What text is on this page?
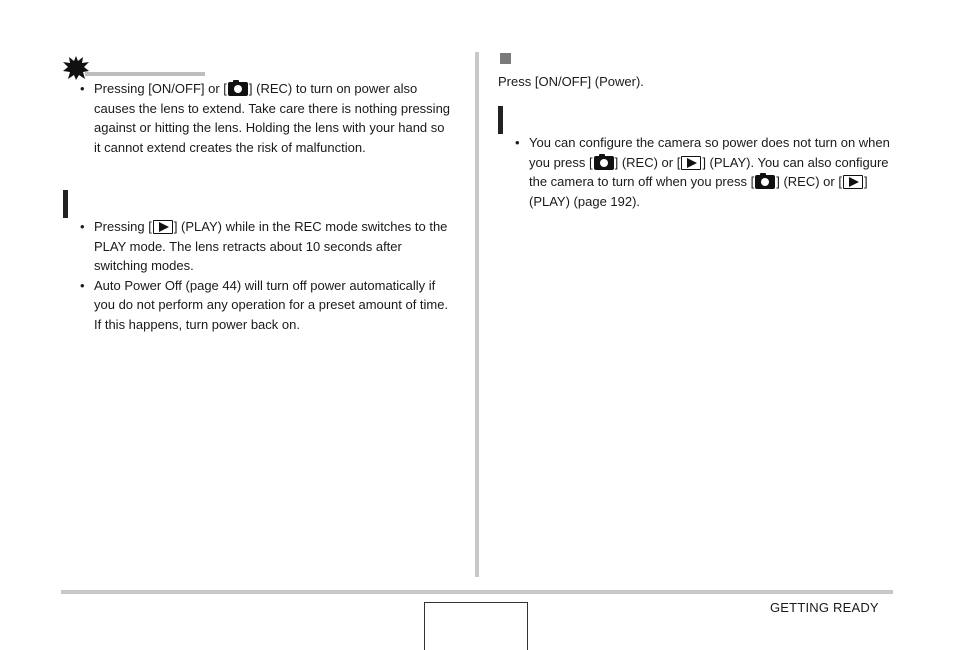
• Pressing [ON/OFF] or [ ] (REC) to turn on power also causes the lens to extend. Take care there is nothing pressing against or hitting the lens. Holding the lens with your hand so it cannot extend creates the risk of malfunction.
• Pressing [ ] (PLAY) while in the REC mode switches to the PLAY mode. The lens retracts about 10 seconds after switching modes.
• Auto Power Off (page 44) will turn off power automatically if you do not perform any operation for a preset amount of time. If this happens, turn power back on.
Press [ON/OFF] (Power).
• You can configure the camera so power does not turn on when you press [ ] (REC) or [ ] (PLAY). You can also configure the camera to turn off when you press [ ] (REC) or [ ] (PLAY) (page 192).
GETTING READY
